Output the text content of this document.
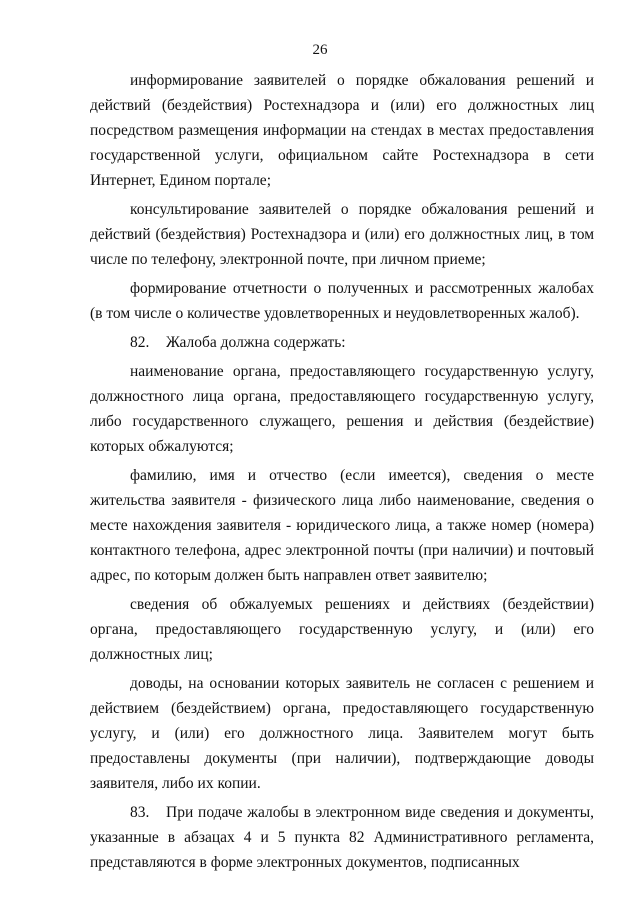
26

информирование заявителей о порядке обжалования решений и действий (бездействия) Ростехнадзора и (или) его должностных лиц посредством размещения информации на стендах в местах предоставления государственной услуги, официальном сайте Ростехнадзора в сети Интернет, Едином портале;

консультирование заявителей о порядке обжалования решений и действий (бездействия) Ростехнадзора и (или) его должностных лиц, в том числе по телефону, электронной почте, при личном приеме;

формирование отчетности о полученных и рассмотренных жалобах (в том числе о количестве удовлетворенных и неудовлетворенных жалоб).

82. Жалоба должна содержать:

наименование органа, предоставляющего государственную услугу, должностного лица органа, предоставляющего государственную услугу, либо государственного служащего, решения и действия (бездействие) которых обжалуются;

фамилию, имя и отчество (если имеется), сведения о месте жительства заявителя - физического лица либо наименование, сведения о месте нахождения заявителя - юридического лица, а также номер (номера) контактного телефона, адрес электронной почты (при наличии) и почтовый адрес, по которым должен быть направлен ответ заявителю;

сведения об обжалуемых решениях и действиях (бездействии) органа, предоставляющего государственную услугу, и (или) его должностных лиц;

доводы, на основании которых заявитель не согласен с решением и действием (бездействием) органа, предоставляющего государственную услугу, и (или) его должностного лица. Заявителем могут быть предоставлены документы (при наличии), подтверждающие доводы заявителя, либо их копии.

83. При подаче жалобы в электронном виде сведения и документы, указанные в абзацах 4 и 5 пункта 82 Административного регламента, представляются в форме электронных документов, подписанных
